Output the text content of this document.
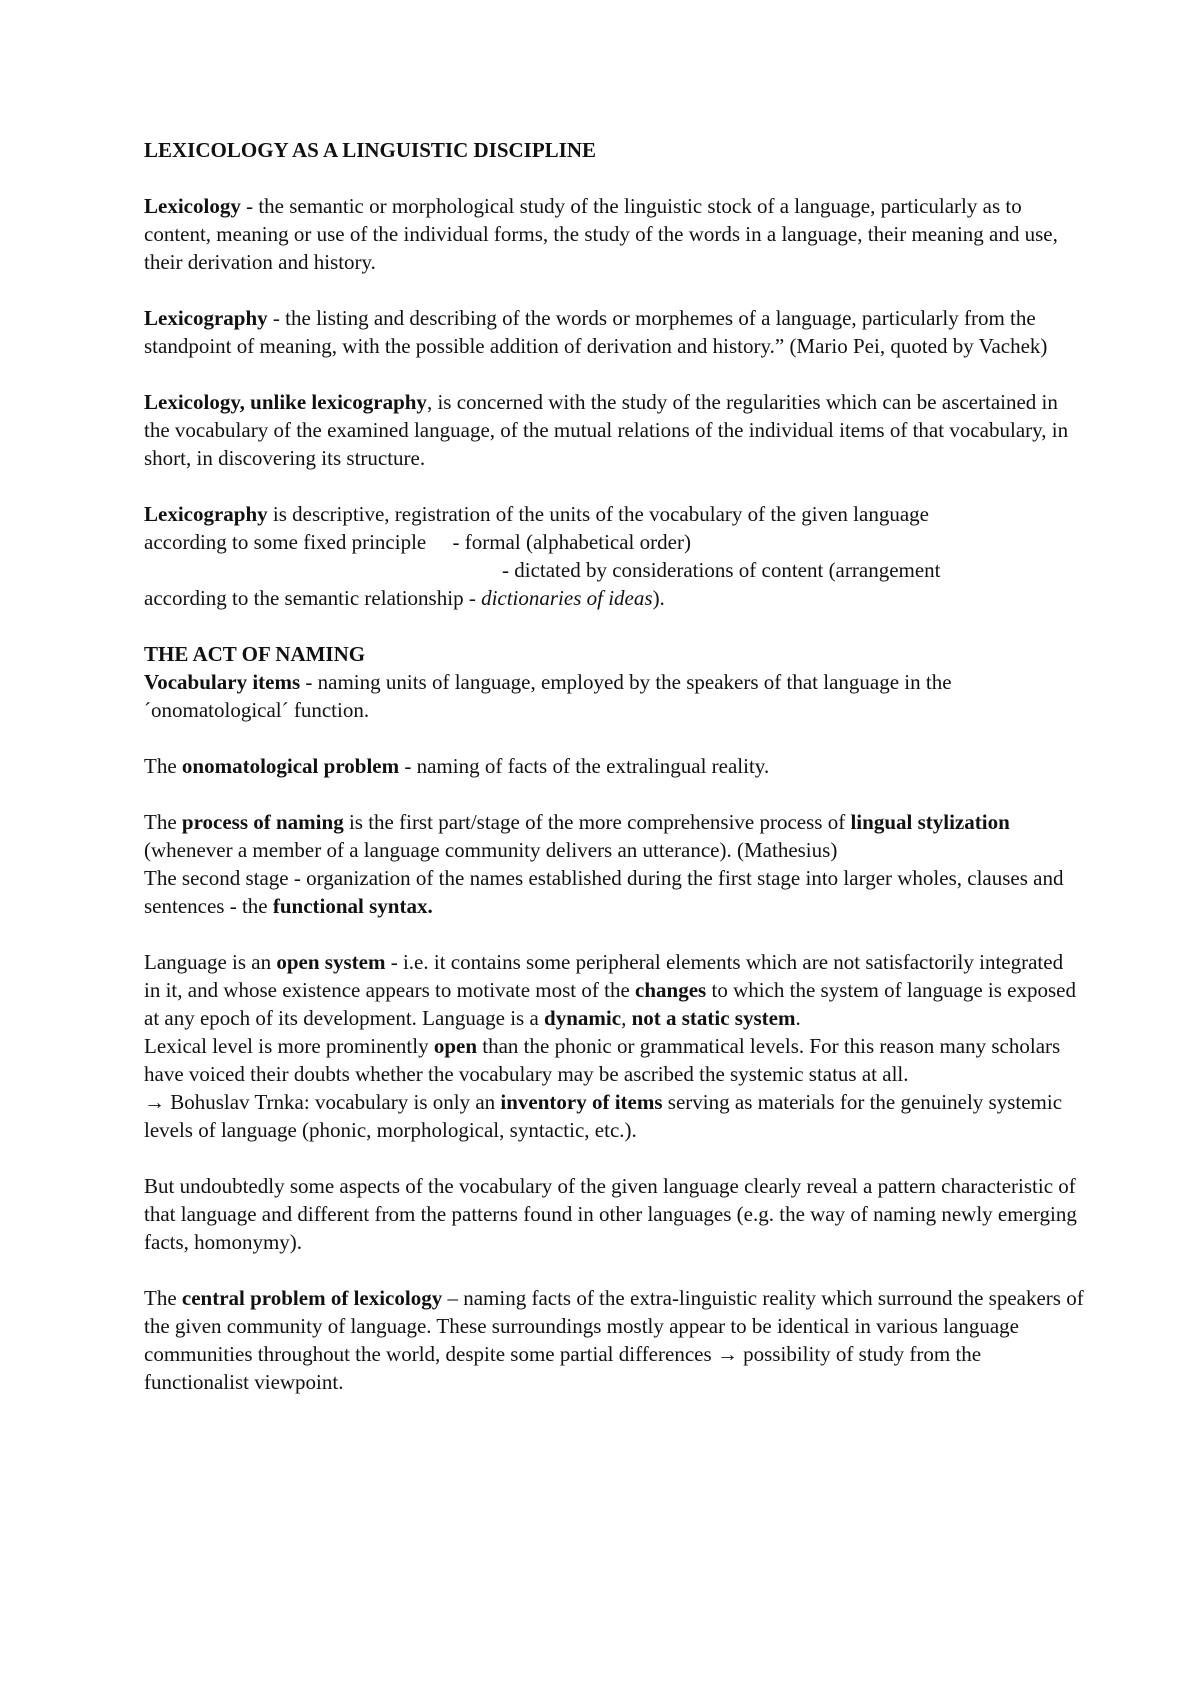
LEXICOLOGY AS A LINGUISTIC DISCIPLINE

Lexicology - the semantic or morphological study of the linguistic stock of a language, particularly as to content, meaning or use of the individual forms, the study of the words in a language, their meaning and use, their derivation and history.

Lexicography - the listing and describing of the words or morphemes of a language, particularly from the standpoint of meaning, with the possible addition of derivation and history.” (Mario Pei, quoted by Vachek)

Lexicology, unlike lexicography, is concerned with the study of the regularities which can be ascertained in the vocabulary of the examined language, of the mutual relations of the individual items of that vocabulary, in short, in discovering its structure.

Lexicography is descriptive, registration of the units of the vocabulary of the given language

according to some fixed principle     - formal (alphabetical order)

- dictated by considerations of content (arrangement

according to the semantic relationship - dictionaries of ideas).

THE ACT OF NAMING

Vocabulary items - naming units of language, employed by the speakers of that language in the ´onomatological´ function.

The onomatological problem - naming of facts of the extralingual reality.

The process of naming is the first part/stage of the more comprehensive process of lingual stylization (whenever a member of a language community delivers an utterance). (Mathesius)

The second stage - organization of the names established during the first stage into larger wholes, clauses and sentences - the functional syntax.

Language is an open system - i.e. it contains some peripheral elements which are not satisfactorily integrated in it, and whose existence appears to motivate most of the changes to which the system of language is exposed at any epoch of its development. Language is a dynamic, not a static system.

Lexical level is more prominently open than the phonic or grammatical levels. For this reason many scholars have voiced their doubts whether the vocabulary may be ascribed the systemic status at all.

→ Bohuslav Trnka: vocabulary is only an inventory of items serving as materials for the genuinely systemic levels of language (phonic, morphological, syntactic, etc.).

But undoubtedly some aspects of the vocabulary of the given language clearly reveal a pattern characteristic of that language and different from the patterns found in other languages (e.g. the way of naming newly emerging facts, homonymy).

The central problem of lexicology – naming facts of the extra-linguistic reality which surround the speakers of the given community of language. These surroundings mostly appear to be identical in various language communities throughout the world, despite some partial differences → possibility of study from the functionalist viewpoint.
